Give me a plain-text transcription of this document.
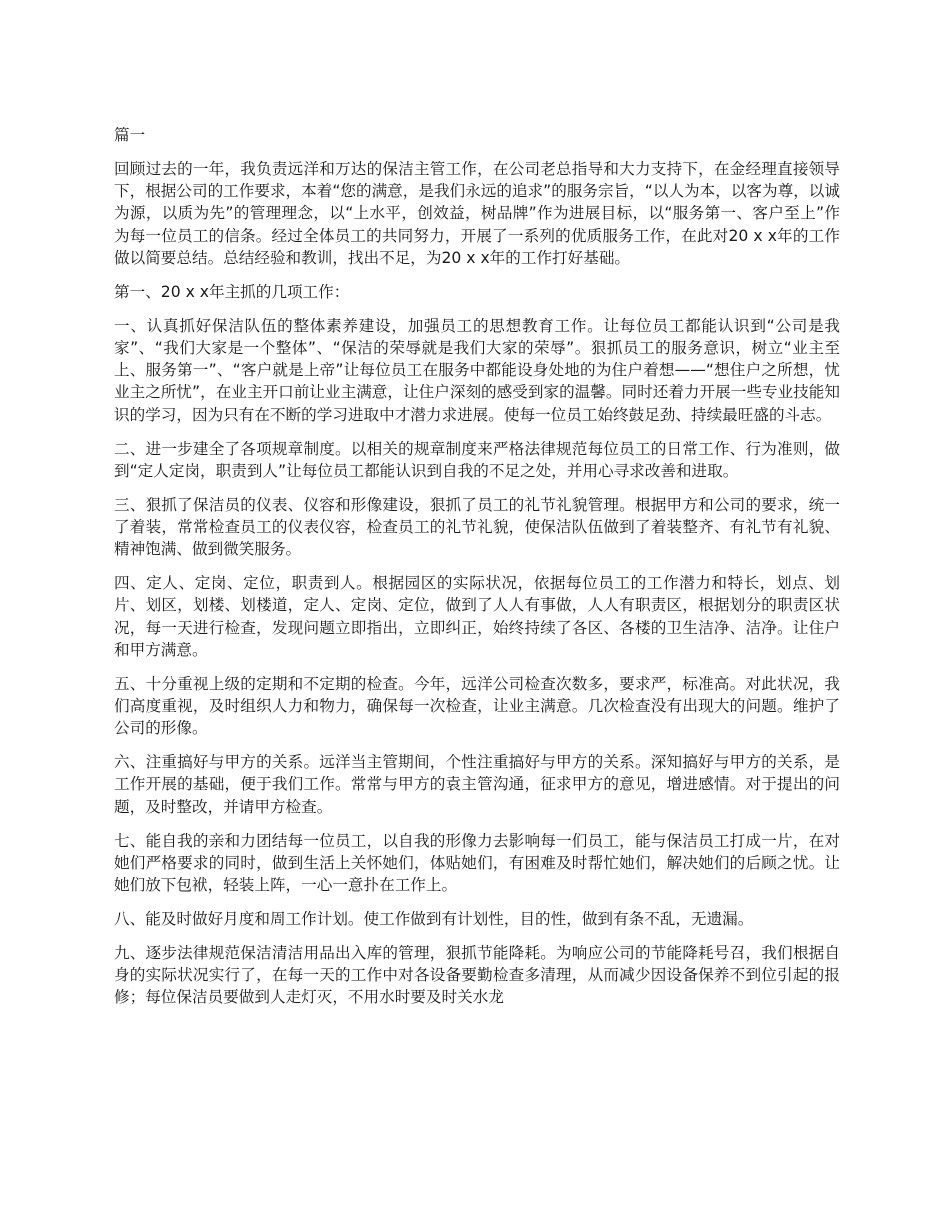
篇一

回顾过去的一年，我负责远洋和万达的保洁主管工作，在公司老总指导和大力支持下，在金经理直接领导下，根据公司的工作要求，本着“您的满意，是我们永远的追求”的服务宗旨，“以人为本，以客为尊，以诚为源，以质为先”的管理理念，以“上水平，创效益，树品牌”作为进展目标，以“服务第一、客户至上”作为每一位员工的信条。经过全体员工的共同努力，开展了一系列的优质服务工作，在此对20 x x年的工作做以简要总结。总结经验和教训，找出不足，为20 x x年的工作打好基础。

第一、20 x x年主抓的几项工作：

一、认真抓好保洁队伍的整体素养建设，加强员工的思想教育工作。让每位员工都能认识到“公司是我家”、“我们大家是一个整体”、“保洁的荣辱就是我们大家的荣辱”。狠抓员工的服务意识，树立“业主至上、服务第一”、“客户就是上帝”让每位员工在服务中都能设身处地的为住户着想——“想住户之所想，忧业主之所忧”，在业主开口前让业主满意，让住户深刻的感受到家的温馨。同时还着力开展一些专业技能知识的学习，因为只有在不断的学习进取中才潜力求进展。使每一位员工始终鼓足劲、持续最旺盛的斗志。

二、进一步建全了各项规章制度。以相关的规章制度来严格法律规范每位员工的日常工作、行为准则，做到“定人定岗，职责到人”让每位员工都能认识到自我的不足之处，并用心寻求改善和进取。

三、狠抓了保洁员的仪表、仪容和形像建设，狠抓了员工的礼节礼貌管理。根据甲方和公司的要求，统一了着装，常常检查员工的仪表仪容，检查员工的礼节礼貌，使保洁队伍做到了着装整齐、有礼节有礼貌、精神饱满、做到微笑服务。

四、定人、定岗、定位，职责到人。根据园区的实际状况，依据每位员工的工作潜力和特长，划点、划片、划区，划楼、划楼道，定人、定岗、定位，做到了人人有事做，人人有职责区，根据划分的职责区状况，每一天进行检查，发现问题立即指出，立即纠正，始终持续了各区、各楼的卫生洁净、洁净。让住户和甲方满意。

五、十分重视上级的定期和不定期的检查。今年，远洋公司检查次数多，要求严，标准高。对此状况，我们高度重视，及时组织人力和物力，确保每一次检查，让业主满意。几次检查没有出现大的问题。维护了公司的形像。

六、注重搞好与甲方的关系。远洋当主管期间，个性注重搞好与甲方的关系。深知搞好与甲方的关系，是工作开展的基础，便于我们工作。常常与甲方的袁主管沟通，征求甲方的意见，增进感情。对于提出的问题，及时整改，并请甲方检查。

七、能自我的亲和力团结每一位员工，以自我的形像力去影响每一们员工，能与保洁员工打成一片，在对她们严格要求的同时，做到生活上关怀她们，体贴她们，有困难及时帮忙她们，解决她们的后顾之忧。让她们放下包袱，轻装上阵，一心一意扑在工作上。

八、能及时做好月度和周工作计划。使工作做到有计划性，目的性，做到有条不乱，无遗漏。

九、逐步法律规范保洁清洁用品出入库的管理，狠抓节能降耗。为响应公司的节能降耗号召，我们根据自身的实际状况实行了，在每一天的工作中对各设备要勤检查多清理，从而减少因设备保养不到位引起的报修；每位保洁员要做到人走灯灭，不用水时要及时关水龙
